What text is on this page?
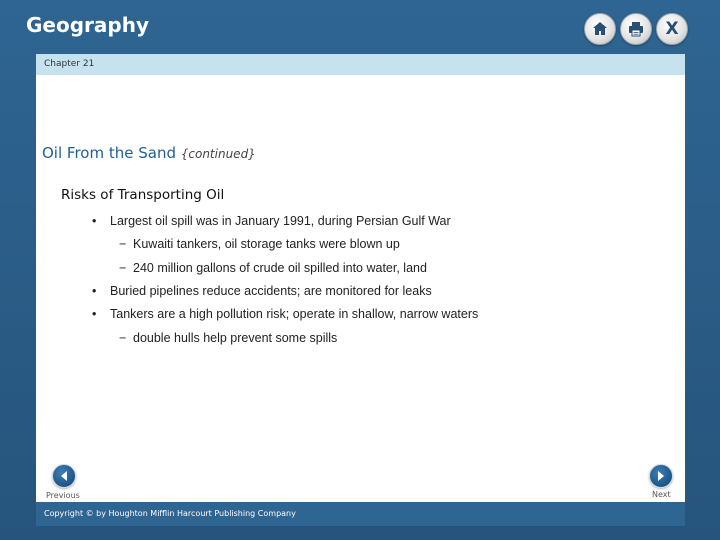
Geography	X
Chapter 21
Oil From the Sand {continued}
Risks of Transporting Oil
• Largest oil spill was in January 1991, during Persian Gulf War
− Kuwaiti tankers, oil storage tanks were blown up
− 240 million gallons of crude oil spilled into water, land
• Buried pipelines reduce accidents; are monitored for leaks
• Tankers are a high pollution risk; operate in shallow, narrow waters
− double hulls help prevent some spills
Previous	Next
Copyright © by Houghton Mifflin Harcourt Publishing Company
